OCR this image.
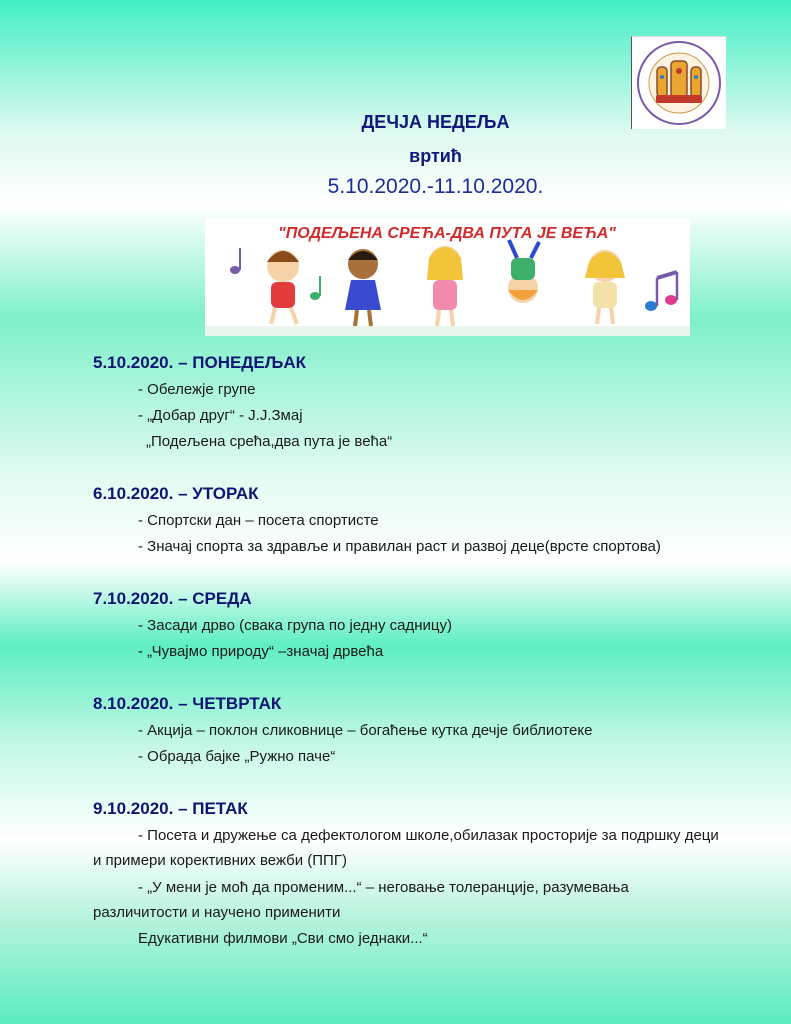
ДЕЧЈА НЕДЕЉА
вртић
5.10.2020.-11.10.2020.
"ПОДЕЉЕНА СРЕЋА-ДВА ПУТА ЈЕ ВЕЋА"
5.10.2020. – ПОНЕДЕЉАК
- Обележје групе
- „Добар друг“ - Ј.Ј.Змај
„Подељена срећа,два пута је већа“
6.10.2020. – УТОРАК
- Спортски дан – посета спортисте
- Значај спорта за здравље и правилан раст и развој деце(врсте спортова)
7.10.2020. – СРЕДА
- Засади дрво (свака група по једну садницу)
- „Чувајмо природу“ –значај дрвећа
8.10.2020. – ЧЕТВРТАК
- Акција – поклон сликовнице – богаћење кутка дечје библиотеке
- Обрада бајке „Ружно паче“
9.10.2020. – ПЕТАК
- Посета и дружење са дефектологом школе,обилазак просторије за подршку деци
и примери корективних вежби (ППГ)
- „У мени је моћ да променим...“ – неговање толеранције, разумевања
различитости и научено применити
Едукативни филмови „Сви смо једнаки...“
